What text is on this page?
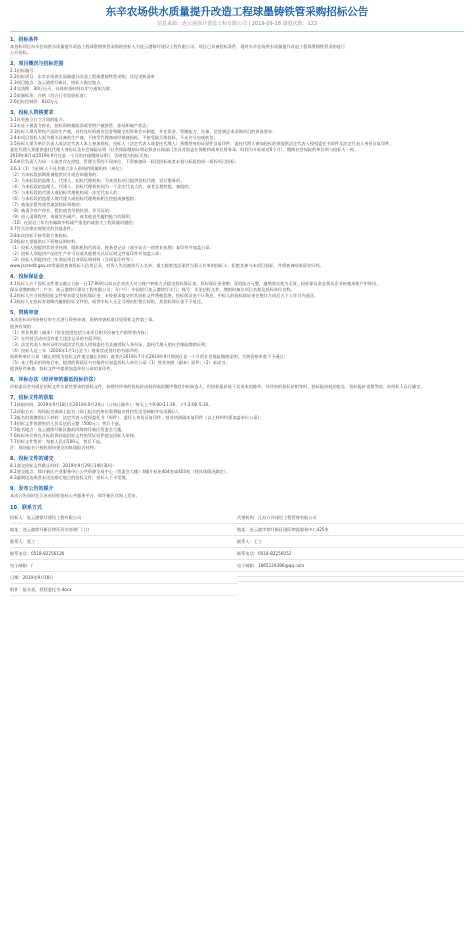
东辛农场供水质量提升改造工程球墨铸铁管采购招标公告
信息来源：连云港徐圩建设工程有限公司 | 2019-09-18 浏览次数：122
1、招标条件
本招标项目东辛农场供水质量提升改造工程球墨铸铁管采购的招标人为连云港徐圩建设工程有限公司。项目已具备招标条件，现对东辛农场供水质量提升改造工程球墨铸铁管采购进行
公开招标。
2、项目概况与招标范围
2.1招标编号：
2.2招标项目：东辛农场供水质量提升改造工程球墨铸铁管采购，详见采购清单
2.3项目地点：连云港徐圩新区，招标人指定地点
2.4交货期：30日历天，具体供货时间以甲方通知为准；
2.5质量标准：合格（符合行业验收标准）；
2.6招标控制价：810万元
3、投标人资格要求
3.1具有独立订立合同的能力；
3.2未处于被责令停业，投标资格被取消或者财产被接管、冻结和破产状态；
3.3投标人须为所投产品的生产商，具有良好的商业信誉和健全的财务会计制度，并在资金、管理能力、设备、信誉满足本采购项目的供货要求；
3.4本项目招标人须为相关设备的生产商，不接受代理商或经销商投标，不接受联合体投标，不允许分包或转包；
3.5投标人须为单位负责人或法定代表人本人参加投标，投标人（法定代表人或委托代理人）须携带身份证原件及复印件，委托代理人参加投标的须提供法定代表人授权委托书原件及法定代表人身份证复印件，
委托代理人须提供委托代理人身份证及社会保险证明（社会保险缴纳证明必须由社保部门出具并加盖社保机构或单位财务章，时间为开标前近6个月），缴纳社会保险的单位须与投标人一致；
2019年8月或2019年9月任意一个月的社保缴纳证明），否则视为投标无效；
3.6单位负责人为同一人或者存在控股、管理关系的不同单位，不得参加同一标段投标或者未划分标段的同一招标项目投标；
3.6.1（1）为招标人不具有独立法人资格的附属机构（单位）；
（2）为本标段前期准备提供设计或咨询服务的；
（3）为本标段的监理人、代建人、招标代理机构，为本招标项目提供招标代理、设计服务的；
（4）为本标段的监理人、代建人、招标代理机构同为一个法定代表人的，或者互相控股、参股的；
（5）与本标段的代建人或招标代理机构同一法定代表人的；
（6）与本标段的监理人或代建人或招标代理机构相互控股或参股的；
（7）被依法暂停或者取消投标资格的；
（8）被责令停产停业、暂扣或者吊销执照、许可证的；
（9）进入清算程序，或被宣告破产，或其他丧失履约能力的情形；
（10）在最近三年内有骗取中标或严重违约或重大工程质量问题的；
3.7符合法律法规规定的其他条件。
3.8本次招标不接受联合体投标。
3.9投标人须提供以下资格证明材料：
（1）投标人须提供其营业执照、组织机构代码证、税务登记证（或多证合一的营业执照）复印件并加盖公章；
（2）投标人须提供产品的生产许可证或其他相关认证证明文件复印件并加盖公章；
（3）投标人须提供近三年类似项目业绩证明材料（合同复印件等）；
www.jscredit.gov.cn等渠道查询投标人信用记录，对列入失信被执行人名单、重大税收违法案件当事人名单的投标人，拒绝其参与本项目投标，并将查询结果留存归档。
4、投标保证金
4.1投标人应于投标文件递交截止日前一日17:00时以前以企业法人对公账户转账方式提交投标保证金，投标保证金金额：壹拾陆万元整，逾期递交视为无效，投标保证金必须从企业的基本账户中转出。
保证金缴纳账户：户名：连云港徐圩建设工程有限公司；开户行：中国银行连云港徐圩支行；账号：详见招标文件，缴纳时备注项目名称及投标单位名称。
4.2投标人应当按照招标文件要求提交投标保证金，未按要求提交的其投标文件将被拒绝，投标保证金不计利息，中标人的投标保证金在签订合同后五个工作日内退还。
4.3投标人在投标有效期内撤销投标文件的，或者中标人无正当理由拒签合同的，其投标保证金不予退还。
5、资格审查
本次招标采用资格后审方式进行资格审查，资格审查标准详见招标文件第三章。
提供有效的：
（1）营业执照（副本）（营业范围包括与本项目相关设备生产销售等内容）；
（2）在经营活动中没有重大违法记录的书面声明；
（3）法定代表人身份证明书或法定代表人授权委托书及被授权人身份证、委托代理人的社会保险缴纳证明；
（4）投标人近三年（2016年1月1日至今）财务状况良好的书面声明；
机构和单位公章（截止时间为投标文件递交截止时间）或者在2019年7月至2019年9月期间任意一个月的社会保险缴纳证明，否则资格审查不予通过；
（5）本工程采用资格后审，提供的资质证书扫描件应加盖投标人单位公章（1）营业执照（副本）原件；（2）承诺书；
提供原件备查，投标文件中提供加盖单位公章的复印件。
6、评标办法（经评审的最低投标价法）
评标委员会对满足招标文件实质性要求的投标文件，按照经评审的投标价由低到高的顺序推荐中标候选人，但投标报价低于其成本的除外。经评审的投标价相等时，投标报价低的优先；投标报价也相等的，由招标人自行确定。
7、招标文件的获取
7.1获取时间：2019年9月18日至2019年9月24日（公休日除外），每天上午9:00-11:30，下午2:00-5:30。
7.2获取方式：现场报名或网上报名（网上报名的单位需将报名材料发送至邮箱并电话确认）。
7.3报名时需携带以下材料：法定代表人授权委托书（原件）、委托人身份证复印件、营业执照副本复印件（以上材料均须加盖单位公章）。
7.4招标文件每套售价人民币伍佰元整（500元），售后不退。
7.5报名地点：连云港徐圩新区港前四路徐圩新区管委会大楼。
7.6投标单位须在开标前将获取招标文件的凭证原件提交招标人审核。
7.7招标文件售价：每套人民币500元，售后不退。
注：现场报名只接收现场递交的纸质报名材料。
8、投标文件的递交
8.1递交投标文件截止时间：2019年9月29日14时30分；
8.2递交地点：徐圩新区产业服务中心公共资源交易中心（管委会大楼）4楼开标室404室或403室（视具体情况确定）。
8.3逾期送达或者未送达指定地点的投标文件，招标人不予受理。
9、发布公告的媒介
本次公告同时在江苏省招标投标公共服务平台、徐圩新区官网上发布。
10、联系方式
招标人：连云港徐圩建设工程有限公司
地址：连云港徐圩新区徐圩河水处理厂门口
联系人：聂工
联系电话：0518-82256126
电子邮箱：/
日期：2019年9月18日
附件：报名表、授权委托书.docx
代理机构：江苏方洋建设工程管理有限公司
地址：连云港市徐圩新区国际物流服务中心425室
联系人：王工
联系电话：0518-82256052
电子邮箱：1665129386@qq.com
